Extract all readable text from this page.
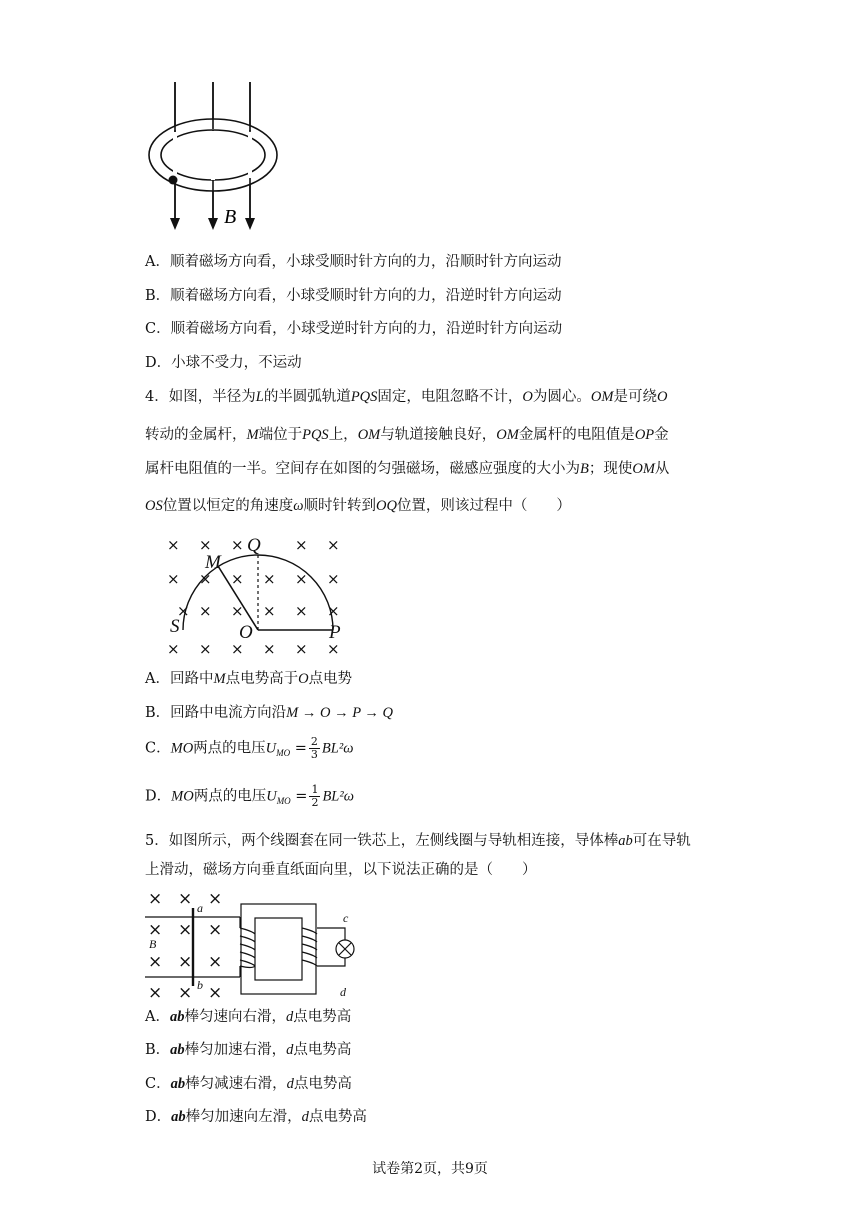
B
A．顺着磁场方向看，小球受顺时针方向的力，沿顺时针方向运动
B．顺着磁场方向看，小球受顺时针方向的力，沿逆时针方向运动
C．顺着磁场方向看，小球受逆时针方向的力，沿逆时针方向运动
D．小球不受力，不运动
4．如图，半径为L的半圆弧轨道PQS固定，电阻忽略不计，O为圆心。OM是可绕O
转动的金属杆，M端位于PQS上，OM与轨道接触良好，OM金属杆的电阻值是OP金
属杆电阻值的一半。空间存在如图的匀强磁场，磁感应强度的大小为B；现使OM从
OS位置以恒定的角速度ω顺时针转到OQ位置，则该过程中（　　）
× × ×	× ×
× × × × × ×
× × × × ×
× × × × × ×
×
Q
M
S	O	P
A．回路中M点电势高于O点电势
B．回路中电流方向沿M → O → P → Q
C．MO两点的电压$U_{MO} = \frac{2}{3} BL^2\omega$
D．MO两点的电压$U_{MO} = \frac{1}{2} BL^2\omega$
5．如图所示，两个线圈套在同一铁芯上，左侧线圈与导轨相连接，导体棒ab可在导轨
上滑动，磁场方向垂直纸面向里，以下说法正确的是（　　）
× × ×
× × ×
× × ×
× × ×
a
b
B
c
d
A．ab棒匀速向右滑，d点电势高
B．ab棒匀加速右滑，d点电势高
C．ab棒匀减速右滑，d点电势高
D．ab棒匀加速向左滑，d点电势高
试卷第2页，共9页
